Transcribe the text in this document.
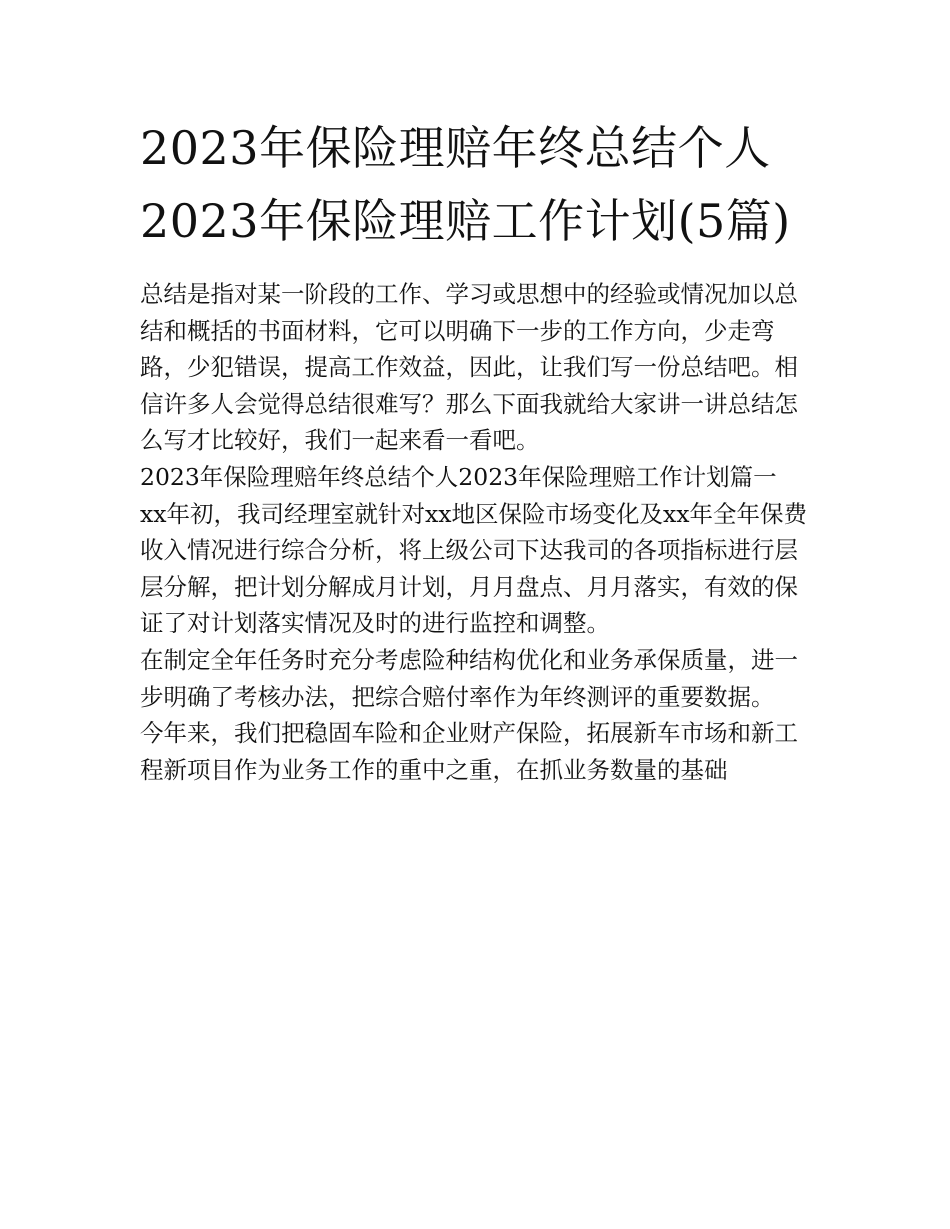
2023年保险理赔年终总结个人2023年保险理赔工作计划(5篇)

总结是指对某一阶段的工作、学习或思想中的经验或情况加以总结和概括的书面材料，它可以明确下一步的工作方向，少走弯路，少犯错误，提高工作效益，因此，让我们写一份总结吧。相信许多人会觉得总结很难写？那么下面我就给大家讲一讲总结怎么写才比较好，我们一起来看一看吧。

2023年保险理赔年终总结个人2023年保险理赔工作计划篇一

xx年初，我司经理室就针对xx地区保险市场变化及xx年全年保费收入情况进行综合分析，将上级公司下达我司的各项指标进行层层分解，把计划分解成月计划，月月盘点、月月落实，有效的保证了对计划落实情况及时的进行监控和调整。

在制定全年任务时充分考虑险种结构优化和业务承保质量，进一步明确了考核办法，把综合赔付率作为年终测评的重要数据。

今年来，我们把稳固车险和企业财产保险，拓展新车市场和新工程新项目作为业务工作的重中之重，在抓业务数量的基础
